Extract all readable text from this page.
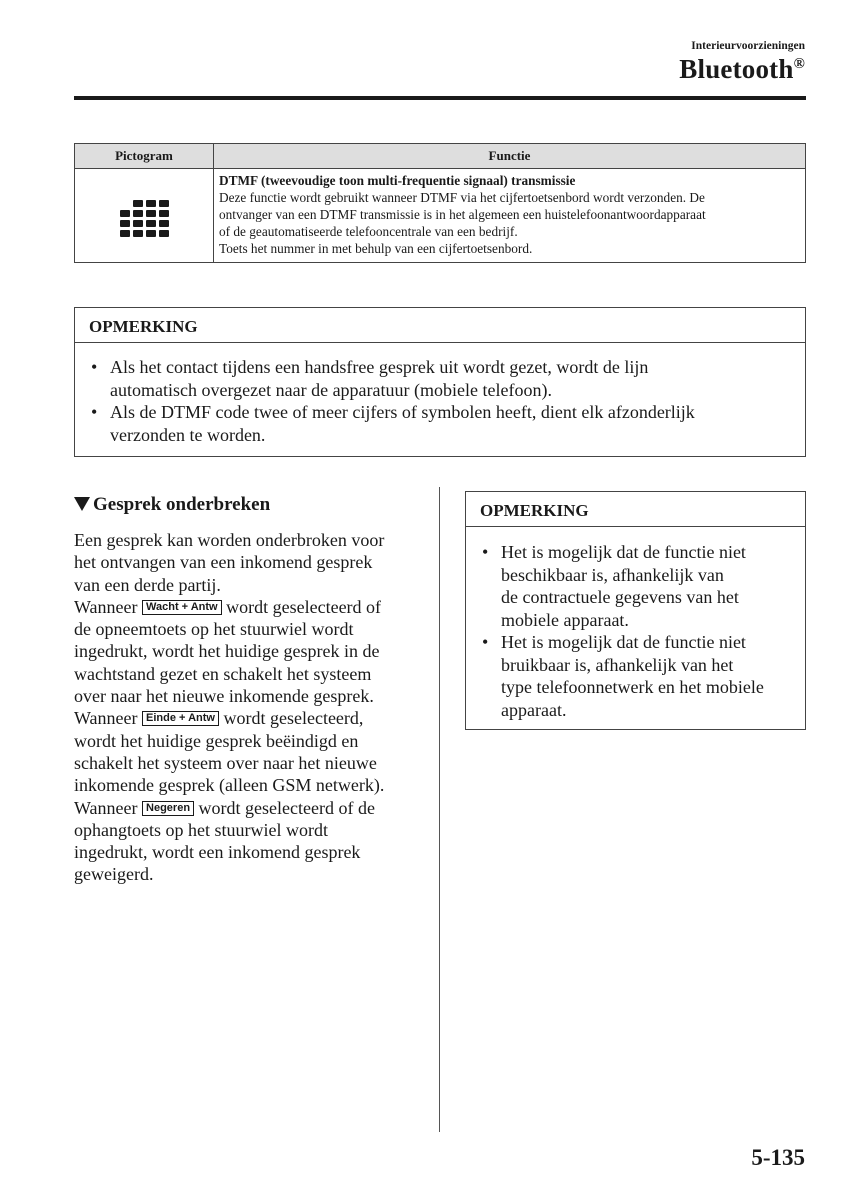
Interieurvoorzieningen
Bluetooth®
Pictogram	Functie

	DTMF (tweevoudige toon multi-frequentie signaal) transmissie
Deze functie wordt gebruikt wanneer DTMF via het cijfertoetsenbord wordt verzonden. De
ontvanger van een DTMF transmissie is in het algemeen een huistelefoonantwoordapparaat
of de geautomatiseerde telefooncentrale van een bedrijf.
Toets het nummer in met behulp van een cijfertoetsenbord.
OPMERKING
• Als het contact tijdens een handsfree gesprek uit wordt gezet, wordt de lijn
automatisch overgezet naar de apparatuur (mobiele telefoon).
• Als de DTMF code twee of meer cijfers of symbolen heeft, dient elk afzonderlijk
verzonden te worden.
Gesprek onderbreken
Een gesprek kan worden onderbroken voor
het ontvangen van een inkomend gesprek
van een derde partij.
Wanneer Wacht + Antw wordt geselecteerd of
de opneemtoets op het stuurwiel wordt
ingedrukt, wordt het huidige gesprek in de
wachtstand gezet en schakelt het systeem
over naar het nieuwe inkomende gesprek.
Wanneer Einde + Antw wordt geselecteerd,
wordt het huidige gesprek beëindigd en
schakelt het systeem over naar het nieuwe
inkomende gesprek (alleen GSM netwerk).
Wanneer Negeren wordt geselecteerd of de
ophangtoets op het stuurwiel wordt
ingedrukt, wordt een inkomend gesprek
geweigerd.
OPMERKING
• Het is mogelijk dat de functie niet
beschikbaar is, afhankelijk van
de contractuele gegevens van het
mobiele apparaat.
• Het is mogelijk dat de functie niet
bruikbaar is, afhankelijk van het
type telefoonnetwerk en het mobiele
apparaat.
5-135
